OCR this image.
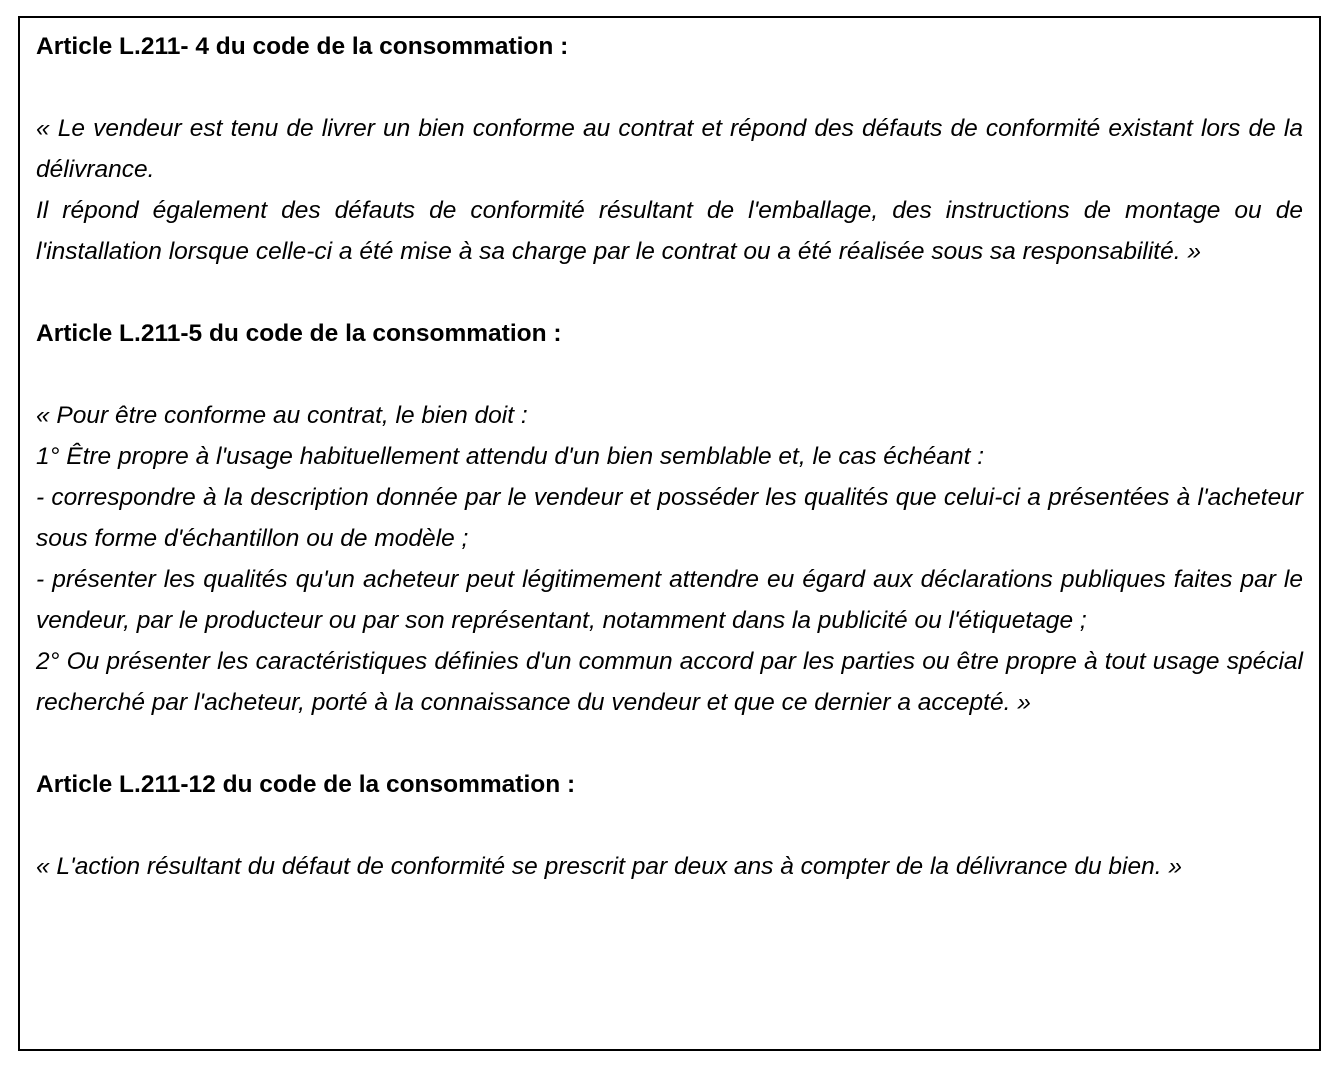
Article L.211- 4 du code de la consommation :

« Le vendeur est tenu de livrer un bien conforme au contrat et répond des défauts de conformité existant lors de la délivrance.

Il répond également des défauts de conformité résultant de l'emballage, des instructions de montage ou de l'installation lorsque celle-ci a été mise à sa charge par le contrat ou a été réalisée sous sa responsabilité. »

Article L.211-5 du code de la consommation :

« Pour être conforme au contrat, le bien doit :

1° Être propre à l'usage habituellement attendu d'un bien semblable et, le cas échéant :

- correspondre à la description donnée par le vendeur et posséder les qualités que celui-ci a présentées à l'acheteur sous forme d'échantillon ou de modèle ;

- présenter les qualités qu'un acheteur peut légitimement attendre eu égard aux déclarations publiques faites par le vendeur, par le producteur ou par son représentant, notamment dans la publicité ou l'étiquetage ;

2° Ou présenter les caractéristiques définies d'un commun accord par les parties ou être propre à tout usage spécial recherché par l'acheteur, porté à la connaissance du vendeur et que ce dernier a accepté. »

Article L.211-12 du code de la consommation :

« L'action résultant du défaut de conformité se prescrit par deux ans à compter de la délivrance du bien. »
